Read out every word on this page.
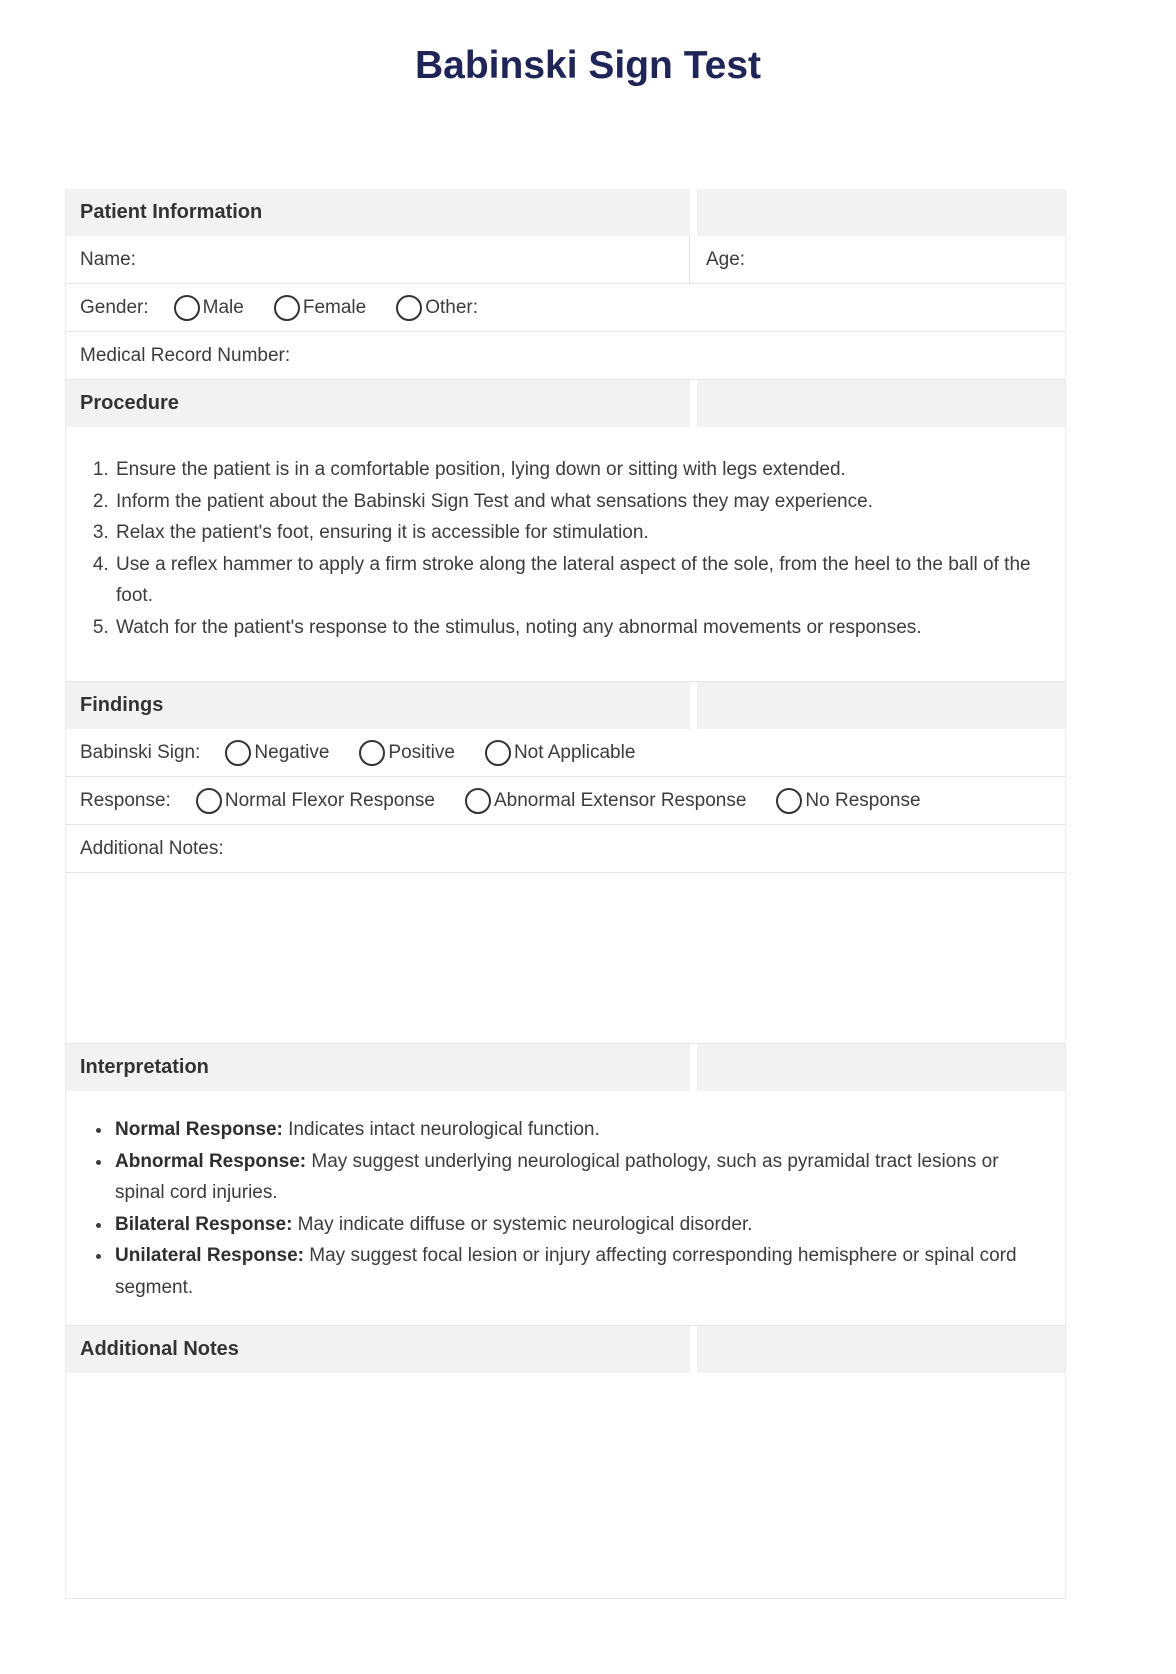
Babinski Sign Test
Patient Information
Name:	Age:
Gender:	Male	Female	Other:
Medical Record Number:
Procedure
1. Ensure the patient is in a comfortable position, lying down or sitting with legs extended.
2. Inform the patient about the Babinski Sign Test and what sensations they may experience.
3. Relax the patient's foot, ensuring it is accessible for stimulation.
4. Use a reflex hammer to apply a firm stroke along the lateral aspect of the sole, from the heel to the ball of the foot.
5. Watch for the patient's response to the stimulus, noting any abnormal movements or responses.
Findings
Babinski Sign:	Negative	Positive	Not Applicable
Response:	Normal Flexor Response	Abnormal Extensor Response	No Response
Additional Notes:
Interpretation
• Normal Response: Indicates intact neurological function.
• Abnormal Response: May suggest underlying neurological pathology, such as pyramidal tract lesions or spinal cord injuries.
• Bilateral Response: May indicate diffuse or systemic neurological disorder.
• Unilateral Response: May suggest focal lesion or injury affecting corresponding hemisphere or spinal cord segment.
Additional Notes
